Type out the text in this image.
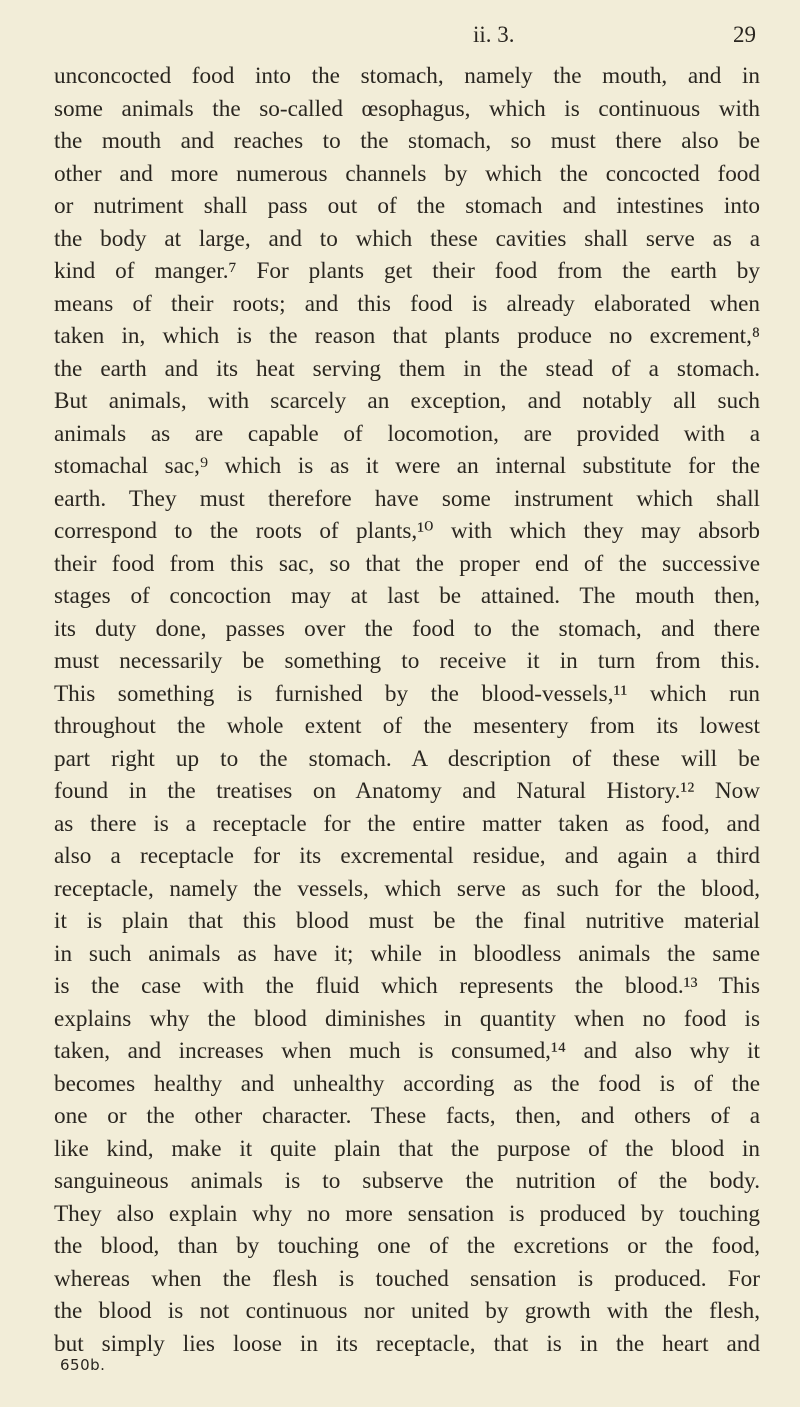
ii. 3.	29
unconcocted food into the stomach, namely the mouth, and in
some animals the so-called œsophagus, which is continuous with
the mouth and reaches to the stomach, so must there also be
other and more numerous channels by which the concocted food
or nutriment shall pass out of the stomach and intestines into
the body at large, and to which these cavities shall serve as a
kind of manger.⁷ For plants get their food from the earth by
means of their roots; and this food is already elaborated when
taken in, which is the reason that plants produce no excrement,⁸
the earth and its heat serving them in the stead of a stomach.
But animals, with scarcely an exception, and notably all such
animals as are capable of locomotion, are provided with a
stomachal sac,⁹ which is as it were an internal substitute for the
earth. They must therefore have some instrument which shall
correspond to the roots of plants,¹⁰ with which they may absorb
their food from this sac, so that the proper end of the successive
stages of concoction may at last be attained. The mouth then,
its duty done, passes over the food to the stomach, and there
must necessarily be something to receive it in turn from this.
This something is furnished by the blood-vessels,¹¹ which run
throughout the whole extent of the mesentery from its lowest
part right up to the stomach. A description of these will be
found in the treatises on Anatomy and Natural History.¹² Now
as there is a receptacle for the entire matter taken as food, and
also a receptacle for its excremental residue, and again a third
receptacle, namely the vessels, which serve as such for the blood,
it is plain that this blood must be the final nutritive material
in such animals as have it; while in bloodless animals the same
is the case with the fluid which represents the blood.¹³ This
explains why the blood diminishes in quantity when no food is
taken, and increases when much is consumed,¹⁴ and also why it
becomes healthy and unhealthy according as the food is of the
one or the other character. These facts, then, and others of a
like kind, make it quite plain that the purpose of the blood in
sanguineous animals is to subserve the nutrition of the body.
They also explain why no more sensation is produced by touching
the blood, than by touching one of the excretions or the food,
whereas when the flesh is touched sensation is produced. For
the blood is not continuous nor united by growth with the flesh,
but simply lies loose in its receptacle, that is in the heart and
650b.
